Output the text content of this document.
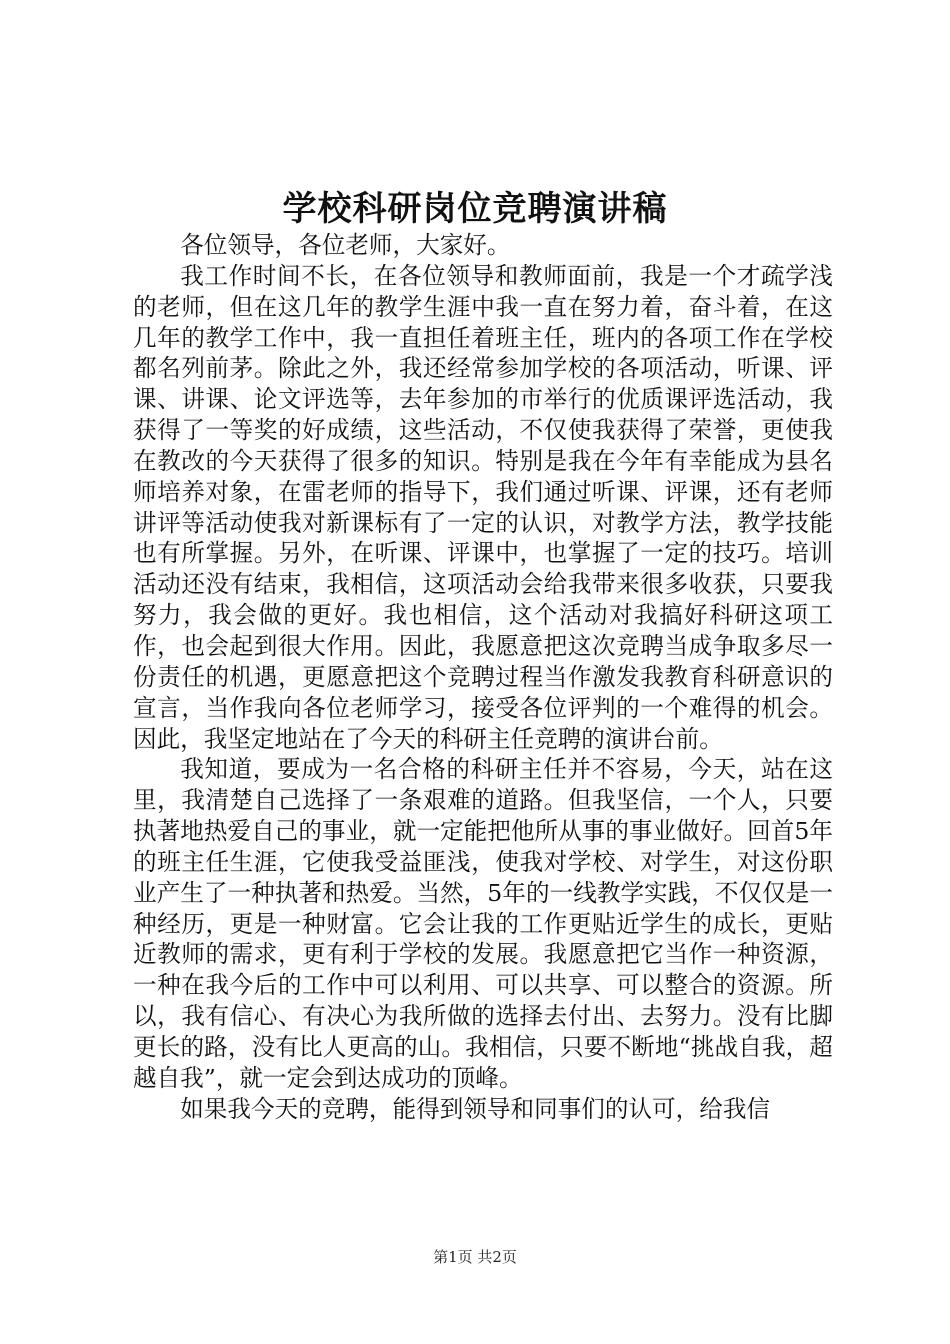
学校科研岗位竞聘演讲稿

各位领导，各位老师，大家好。

我工作时间不长，在各位领导和教师面前，我是一个才疏学浅的老师，但在这几年的教学生涯中我一直在努力着，奋斗着，在这几年的教学工作中，我一直担任着班主任，班内的各项工作在学校都名列前茅。除此之外，我还经常参加学校的各项活动，听课、评课、讲课、论文评选等，去年参加的市举行的优质课评选活动，我获得了一等奖的好成绩，这些活动，不仅使我获得了荣誉，更使我在教改的今天获得了很多的知识。特别是我在今年有幸能成为县名师培养对象，在雷老师的指导下，我们通过听课、评课，还有老师讲评等活动使我对新课标有了一定的认识，对教学方法，教学技能也有所掌握。另外，在听课、评课中，也掌握了一定的技巧。培训活动还没有结束，我相信，这项活动会给我带来很多收获，只要我努力，我会做的更好。我也相信，这个活动对我搞好科研这项工作，也会起到很大作用。因此，我愿意把这次竞聘当成争取多尽一份责任的机遇，更愿意把这个竞聘过程当作激发我教育科研意识的宣言，当作我向各位老师学习，接受各位评判的一个难得的机会。因此，我坚定地站在了今天的科研主任竞聘的演讲台前。

我知道，要成为一名合格的科研主任并不容易，今天，站在这里，我清楚自己选择了一条艰难的道路。但我坚信，一个人，只要执著地热爱自己的事业，就一定能把他所从事的事业做好。回首5年的班主任生涯，它使我受益匪浅，使我对学校、对学生，对这份职业产生了一种执著和热爱。当然，5年的一线教学实践，不仅仅是一种经历，更是一种财富。它会让我的工作更贴近学生的成长，更贴近教师的需求，更有利于学校的发展。我愿意把它当作一种资源，一种在我今后的工作中可以利用、可以共享、可以整合的资源。所以，我有信心、有决心为我所做的选择去付出、去努力。没有比脚更长的路，没有比人更高的山。我相信，只要不断地“挑战自我，超越自我”，就一定会到达成功的顶峰。

如果我今天的竞聘，能得到领导和同事们的认可，给我信

第1页 共2页
